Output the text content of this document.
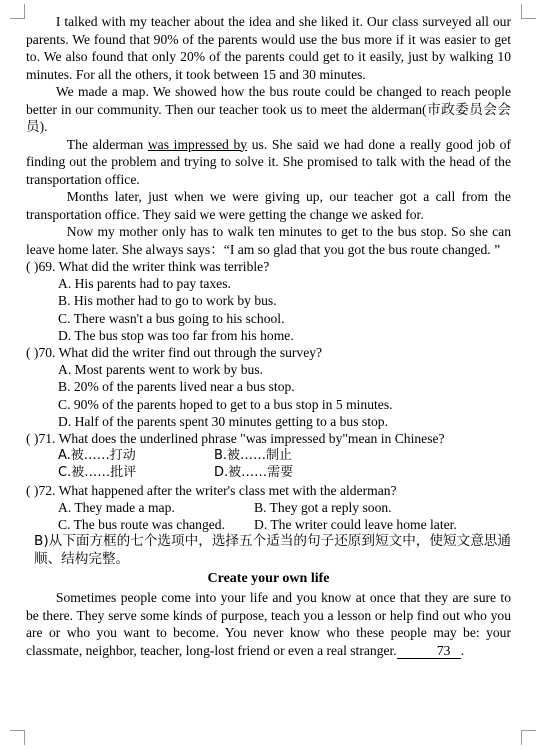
I talked with my teacher about the idea and she liked it. Our class surveyed all our parents. We found that 90% of the parents would use the bus more if it was easier to get to. We also found that only 20% of the parents could get to it easily, just by walking 10 minutes. For all the others, it took between 15 and 30 minutes.

We made a map. We showed how the bus route could be changed to reach people better in our community. Then our teacher took us to meet the alderman(市政委员会会员).

The alderman was impressed by us. She said we had done a really good job of finding out the problem and trying to solve it. She promised to talk with the head of the transportation office.

Months later, just when we were giving up, our teacher got a call from the transportation office. They said we were getting the change we asked for.

Now my mother only has to walk ten minutes to get to the bus stop. So she can leave home later. She always says：“I am so glad that you got the bus route changed. ”

( )69. What did the writer think was terrible?

A. His parents had to pay taxes.

B. His mother had to go to work by bus.

C. There wasn't a bus going to his school.

D. The bus stop was too far from his home.

( )70. What did the writer find out through the survey?

A. Most parents went to work by bus.

B. 20% of the parents lived near a bus stop.

C. 90% of the parents hoped to get to a bus stop in 5 minutes.

D. Half of the parents spent 30 minutes getting to a bus stop.

( )71. What does the underlined phrase "was impressed by"mean in Chinese?

A.被……打动	B.被……制止
C.被……批评	D.被……需要

( )72. What happened after the writer's class met with the alderman?

A. They made a map.	B. They got a reply soon.
C. The bus route was changed.	D. The writer could leave home later.

B)从下面方框的七个选项中，选择五个适当的句子还原到短文中，使短文意思通顺、结构完整。

Create your own life

Sometimes people come into your life and you know at once that they are sure to be there. They serve some kinds of purpose, teach you a lesson or help find out who you are or who you want to become. You never know who these people may be: your classmate, neighbor, teacher, long-lost friend or even a real stranger.	73 .
